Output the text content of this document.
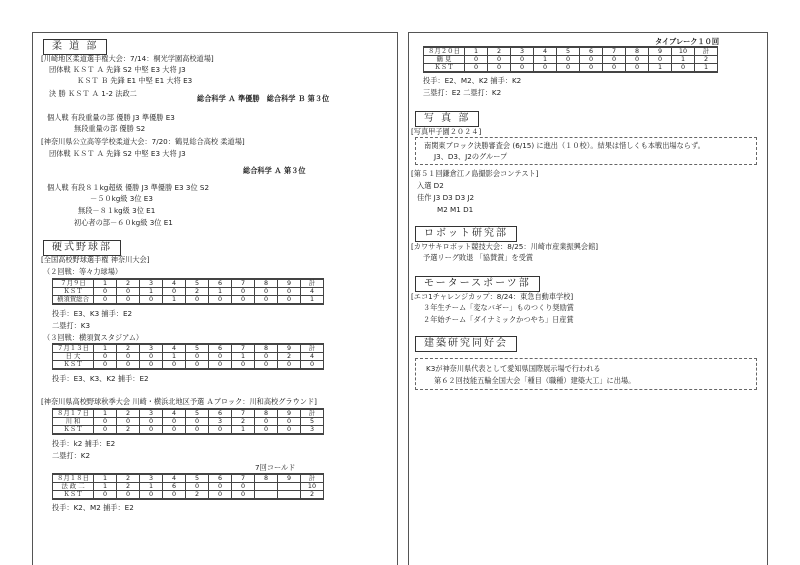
柔 道 部
[川崎地区柔道選手権大会：7/14：桐光学園高校道場]
団体戦 ＫＳＴ Ａ 先鋒 S2 中堅 E3 大将 J3
ＫＳＴ Ｂ 先鋒 E1 中堅 E1 大将 E3
決 勝 ＫＳＴ Ａ 1-2 法政二
総合科学 Ａ 準優勝　総合科学 Ｂ 第３位
個人戦 有段重量の部 優勝 J3 準優勝 E3
無段重量の部 優勝 S2
[神奈川県公立高等学校柔道大会：7/20：鶴見総合高校 柔道場]
団体戦 ＫＳＴ Ａ 先鋒 S2 中堅 E3 大将 J3
総合科学 Ａ 第３位
個人戦 有段８１kg超級 優勝 J3 準優勝 E3 3位 S2
－５０kg級 3位 E3
無段－８１kg級 3位 E1
初心者の部－６０kg級 3位 E1
硬式野球部
[全国高校野球選手権 神奈川大会]
（２回戦：等々力球場）
７月９日	1	2	3	4	5	6	7	8	9	計
ＫＳＴ	0	0	1	0	2	1	0	0	0	4
横須賀総合	0	0	0	1	0	0	0	0	0	1
投手：E3、K3 捕手：E2
二塁打：K3
（３回戦：横須賀スタジアム）
７月１３日	1	2	3	4	5	6	7	8	9	計
日 大	0	0	0	1	0	0	1	0	2	4
ＫＳＴ	0	0	0	0	0	0	0	0	0	0
投手：E3、K3、K2 捕手：E2
[神奈川県高校野球秋季大会 川崎・横浜北地区予選 Ａブロック：川和高校グラウンド]
８月１７日	1	2	3	4	5	6	7	8	9	計
川 和	0	0	0	0	0	3	2	0	0	5
ＫＳＴ	0	2	0	0	0	0	1	0	0	3
投手：k2 捕手：E2
二塁打：K2
7回コールド
８月１８日	1	2	3	4	5	6	7	8	9	計
法 政 二	1	2	1	6	0	0	0			10
ＫＳＴ	0	0	0	0	2	0	0			2
投手：K2、M2 捕手：E2
タイブレーク１０回
８月２０日	1	2	3	4	5	6	7	8	9	10	計
鶴 見	0	0	0	1	0	0	0	0	0	1	2
ＫＳＴ	0	0	0	0	0	0	0	0	1	0	1
投手：E2、M2、K2 捕手：K2
三塁打：E2 二塁打：K2
写 真 部
[写真甲子園２０２４]
南関東ブロック決勝審査会 (6/15) に進出（１０校）。結果は惜しくも本戦出場ならず。
J3、D3、J2のグループ
[第５１回鎌倉江ノ島撮影会コンテスト]
入選 D2
佳作 J3 D3 D3 J2
M2 M1 D1
ロボット研究部
[カワサキロボット競技大会：8/25：川崎市産業振興会館]
予選リーグ敗退 「協賛賞」を受賞
モータースポーツ部
[エコ1チャレンジカップ：8/24：東急自動車学校]
３年生チーム「変なバギー」ものつくり奨励賞
２年始チーム「ダイナミックかつやち」日産賞
建築研究同好会
K3が神奈川県代表として愛知県国際展示場で行われる
第６２回技能五輪全国大会「種目（職種）建築大工」に出場。
